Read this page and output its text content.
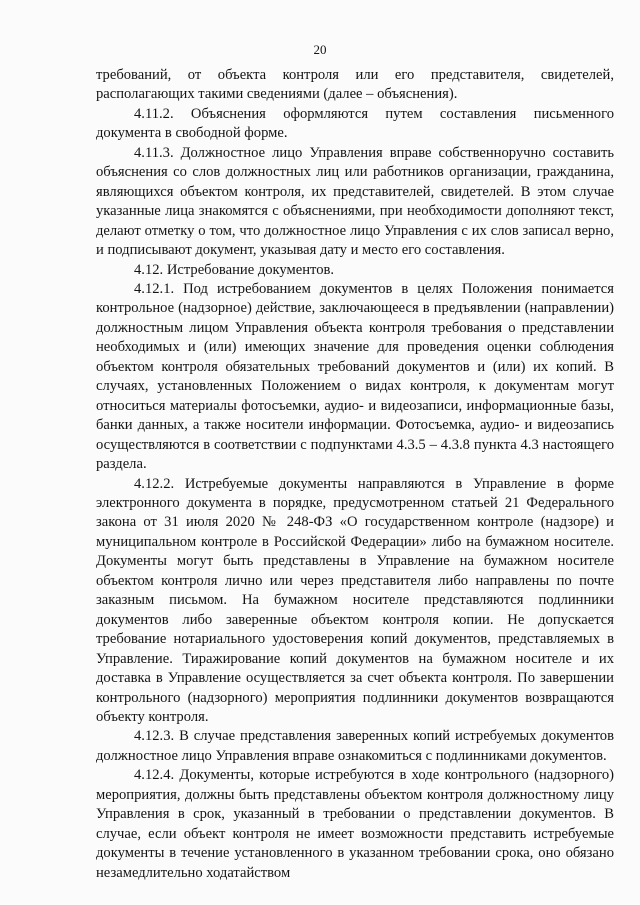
20

требований, от объекта контроля или его представителя, свидетелей, располагающих такими сведениями (далее – объяснения).

4.11.2. Объяснения оформляются путем составления письменного документа в свободной форме.

4.11.3. Должностное лицо Управления вправе собственноручно составить объяснения со слов должностных лиц или работников организации, гражданина, являющихся объектом контроля, их представителей, свидетелей. В этом случае указанные лица знакомятся с объяснениями, при необходимости дополняют текст, делают отметку о том, что должностное лицо Управления с их слов записал верно, и подписывают документ, указывая дату и место его составления.

4.12. Истребование документов.

4.12.1. Под истребованием документов в целях Положения понимается контрольное (надзорное) действие, заключающееся в предъявлении (направлении) должностным лицом Управления объекта контроля требования о представлении необходимых и (или) имеющих значение для проведения оценки соблюдения объектом контроля обязательных требований документов и (или) их копий. В случаях, установленных Положением о видах контроля, к документам могут относиться материалы фотосъемки, аудио- и видеозаписи, информационные базы, банки данных, а также носители информации. Фотосъемка, аудио- и видеозапись осуществляются в соответствии с подпунктами 4.3.5 – 4.3.8 пункта 4.3 настоящего раздела.

4.12.2. Истребуемые документы направляются в Управление в форме электронного документа в порядке, предусмотренном статьей 21 Федерального закона от 31 июля 2020 № 248-ФЗ «О государственном контроле (надзоре) и муниципальном контроле в Российской Федерации» либо на бумажном носителе. Документы могут быть представлены в Управление на бумажном носителе объектом контроля лично или через представителя либо направлены по почте заказным письмом. На бумажном носителе представляются подлинники документов либо заверенные объектом контроля копии. Не допускается требование нотариального удостоверения копий документов, представляемых в Управление. Тиражирование копий документов на бумажном носителе и их доставка в Управление осуществляется за счет объекта контроля. По завершении контрольного (надзорного) мероприятия подлинники документов возвращаются объекту контроля.

4.12.3. В случае представления заверенных копий истребуемых документов должностное лицо Управления вправе ознакомиться с подлинниками документов.

4.12.4. Документы, которые истребуются в ходе контрольного (надзорного) мероприятия, должны быть представлены объектом контроля должностному лицу Управления в срок, указанный в требовании о представлении документов. В случае, если объект контроля не имеет возможности представить истребуемые документы в течение установленного в указанном требовании срока, оно обязано незамедлительно ходатайством
